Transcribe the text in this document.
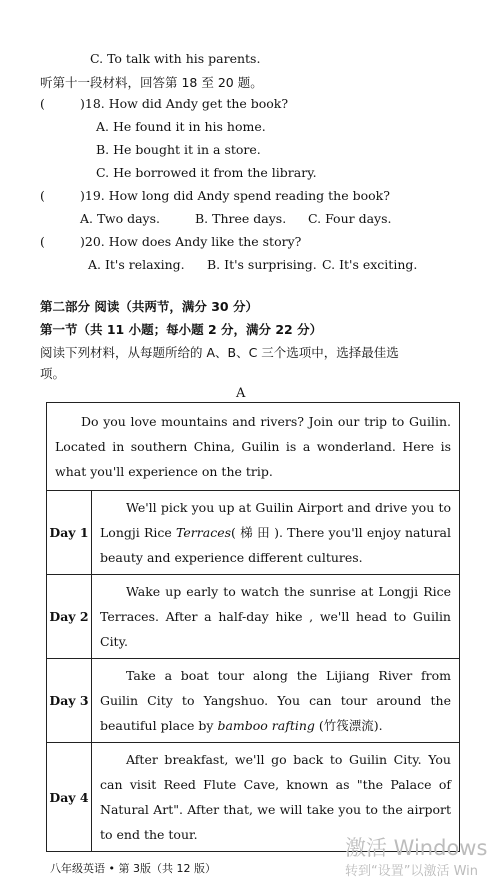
C. To talk with his parents.
听第十一段材料，回答第 18 至 20 题。
(	)18. How did Andy get the book?
A. He found it in his home.
B. He bought it in a store.
C. He borrowed it from the library.
(	)19. How long did Andy spend reading the book?
A. Two days.	B. Three days. C. Four days.
(	)20. How does Andy like the story?
A. It's relaxing. B. It's surprising. C. It's exciting.
第二部分 阅读（共两节，满分 30 分）
第一节（共 11 小题；每小题 2 分，满分 22 分）
阅读下列材料，从每题所给的 A、B、C 三个选项中，选择最佳选
项。
A
Do you love mountains and rivers? Join our trip to Guilin. Located in southern China, Guilin is a wonderland. Here is what you'll experience on the trip.	

Day 1	We'll pick you up at Guilin Airport and drive you to Longji Rice Terraces( 梯 田 ). There you'll enjoy natural beauty and experience different cultures.

Day 2	Wake up early to watch the sunrise at Longji Rice Terraces. After a half-day hike , we'll head to Guilin City.

Day 3	Take a boat tour along the Lijiang River from Guilin City to Yangshuo. You can tour around the beautiful place by bamboo rafting (竹筏漂流).

Day 4	After breakfast, we'll go back to Guilin City. You can visit Reed Flute Cave, known as "the Palace of Natural Art". After that, we will take you to the airport to end the tour.
八年级英语 • 第 3版（共 12 版）
激活 Windows
转到“设置”以激活 Win
